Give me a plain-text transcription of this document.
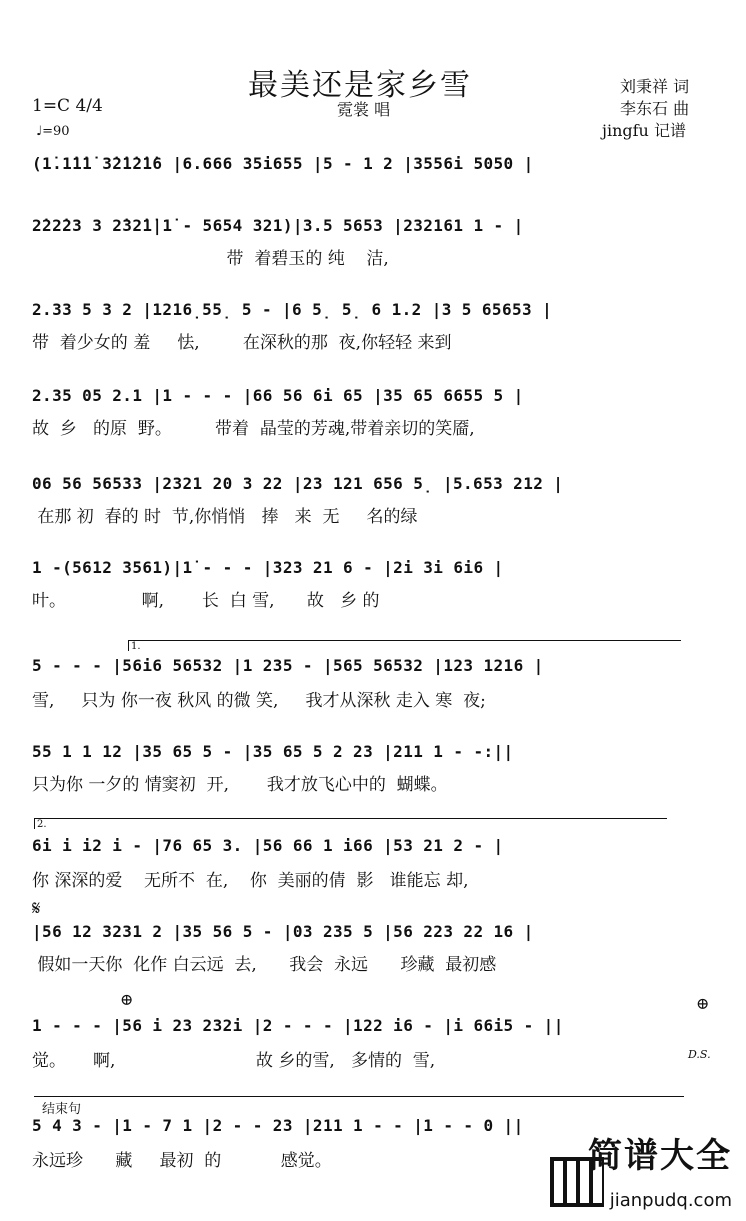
最美还是家乡雪
霓裳 唱
刘秉祥 词
李东石 曲
jingfu 记谱
1=C 4/4
♩=90
(1̇.1̇1̇1̇ 3̇2̇1̇2̇1̇6 |6.666 35i655 |5 - 1 2 |3556i 5050 |
2̇22̇23 3 2̇32̇1̇|1̇ - 5654 321)|3.5 5653 |232161 1 - |
带  着碧玉的 纯    洁,
2.33 5 3 2 |1216̣55̣ 5 - |6 5̣ 5̣ 6 1.2 |3 5 65653 |
带  着少女的 羞     怯,        在深秋的那  夜,你轻轻 来到
2.35 05 2.1 |1 - - - |66 56 6i 65 |35 65 6655 5 |
故  乡   的原  野。        带着  晶莹的芳魂,带着亲切的笑靥,
06 56 56533 |2321 20 3 22 |23 121 656 5̣ |5.653 212 |
在那 初  春的 时  节,你悄悄   捧   来  无     名的绿
1 -(5612 3561)|1̇ - - - |323 21 6 - |2i 3i 6i6 |
叶。              啊,       长  白 雪,      故   乡 的
1.
5 - - - |56i6 56532 |1 235 - |565 56532 |123 1216 |
雪,     只为 你一夜 秋风 的微 笑,     我才从深秋 走入 寒  夜;
55 1 1 12 |35 65 5 - |35 65 5 2 23 |211 1 - -:||
只为你 一夕的 情窦初  开,       我才放飞心中的  蝴蝶。
2.
6i i i2 i - |76 65 3. |56 66 1 i66 |53 21 2 - |
你 深深的爱    无所不  在,    你  美丽的倩  影   谁能忘 却,
𝄋
|56 12 3231 2 |35 56 5 - |03 235 5 |56 223 22 16 |
假如一天你  化作 白云远  去,      我会  永远      珍藏  最初感
⊕	⊕
1 - - - |56 i 23 232i |2 - - - |122 i6 - |i 66i5 - ||
觉。     啊,                          故 乡的雪,   多情的  雪,	D.S.
结束句
5 4 3 - |1 - 7 1 |2 - - 23 |211 1 - - |1 - - 0 ||
永远珍      藏     最初  的           感觉。	简谱大全
jianpudq.com
